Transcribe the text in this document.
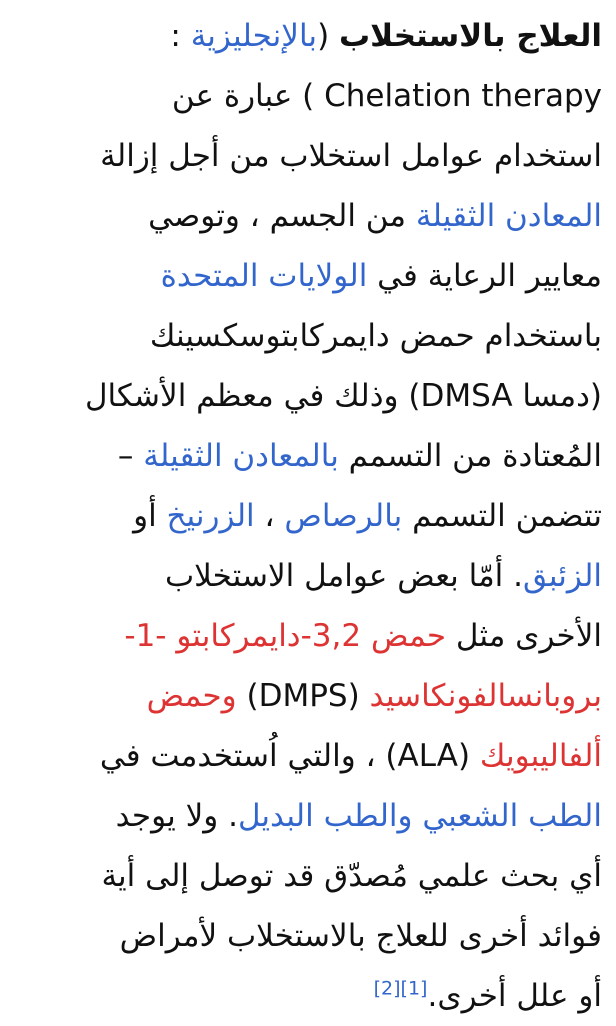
العلاج بالاستخلاب (بالإنجليزية :
Chelation therapy ) عبارة عن
استخدام عوامل استخلاب من أجل إزالة
المعادن الثقيلة من الجسم ، وتوصي
معايير الرعاية في الولايات المتحدة
باستخدام حمض دايمركابتوسكسينك
(دمسا DMSA) وذلك في معظم الأشكال
المُعتادة من التسمم بالمعادن الثقيلة –
تتضمن التسمم بالرصاص ، الزرنيخ أو
الزئبق. أمّا بعض عوامل الاستخلاب
الأخرى مثل حمض 3,2-دايمركابتو -1-
بروبانسالفونكاسيد (DMPS) وحمض
ألفاليبويك (ALA) ، والتي اُستخدمت في
الطب الشعبي والطب البديل. ولا يوجد
أي بحث علمي مُصدّق قد توصل إلى أية
فوائد أخرى للعلاج بالاستخلاب لأمراض
أو علل أخرى.[1][2]
